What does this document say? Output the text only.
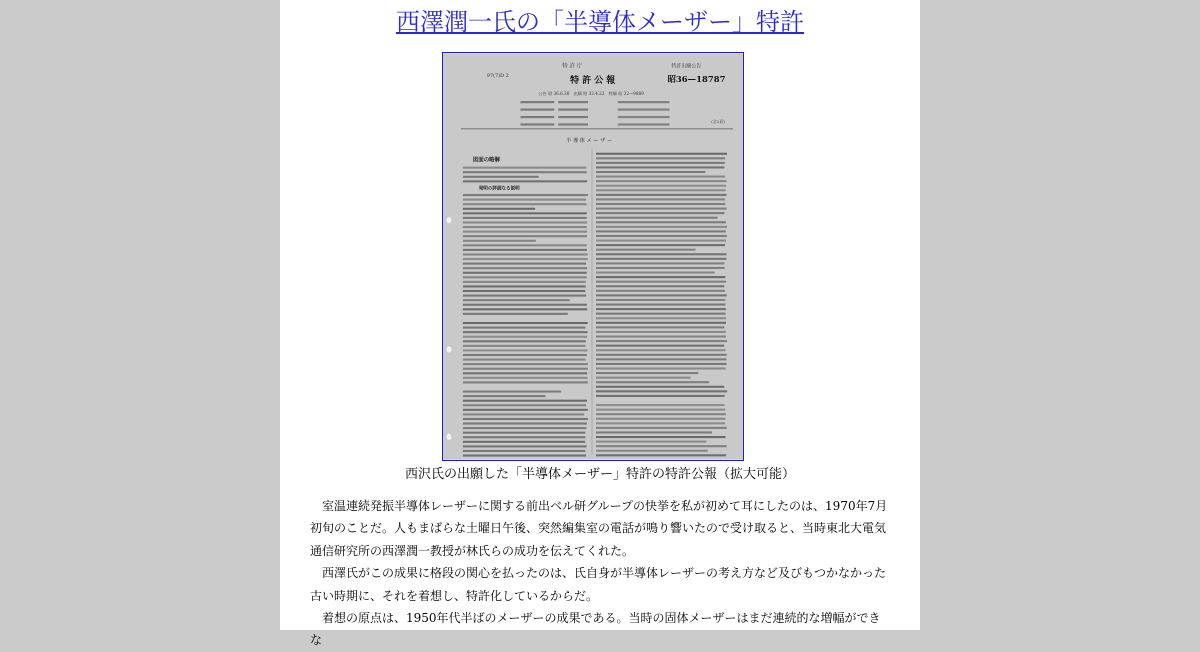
西澤潤一氏の「半導体メーザー」特許
97(7)D 2
特 許 庁
特 許 公 報
特許出願公告
昭36—18787
公告 昭 36.6.30　出願 昭 32.4.22　特願 昭 32—9889
(全2頁)
半 導 体 メ ー ザ ー
図面の略解
発明の詳細なる説明
西沢氏の出願した「半導体メーザー」特許の特許公報（拡大可能）

室温連続発振半導体レーザーに関する前出ベル研グループの快挙を私が初めて耳にしたのは、1970年7月初旬のことだ。人もまばらな土曜日午後、突然編集室の電話が鳴り響いたので受け取ると、当時東北大電気通信研究所の西澤潤一教授が林氏らの成功を伝えてくれた。

西澤氏がこの成果に格段の関心を払ったのは、氏自身が半導体レーザーの考え方など及びもつかなかった古い時期に、それを着想し、特許化しているからだ。

着想の原点は、1950年代半ばのメーザーの成果である。当時の固体メーザーはまだ連続的な増幅ができな
